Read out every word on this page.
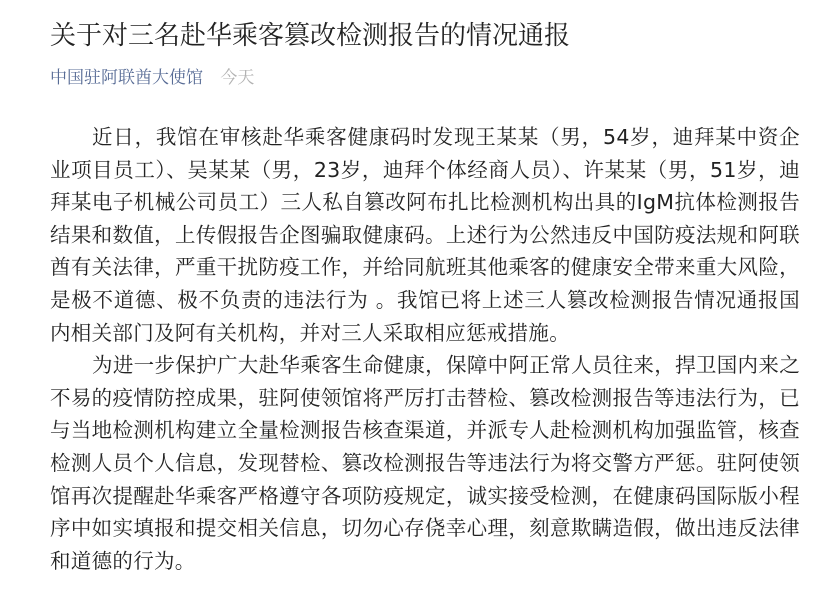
关于对三名赴华乘客篡改检测报告的情况通报
中国驻阿联酋大使馆 今天

近日，我馆在审核赴华乘客健康码时发现王某某（男，54岁，迪拜某中资企业项目员工）、吴某某（男，23岁，迪拜个体经商人员）、许某某（男，51岁，迪拜某电子机械公司员工）三人私自篡改阿布扎比检测机构出具的IgM抗体检测报告结果和数值，上传假报告企图骗取健康码。上述行为公然违反中国防疫法规和阿联酋有关法律，严重干扰防疫工作，并给同航班其他乘客的健康安全带来重大风险，是极不道德、极不负责的违法行为 。我馆已将上述三人篡改检测报告情况通报国内相关部门及阿有关机构，并对三人采取相应惩戒措施。

为进一步保护广大赴华乘客生命健康，保障中阿正常人员往来，捍卫国内来之不易的疫情防控成果，驻阿使领馆将严厉打击替检、篡改检测报告等违法行为，已与当地检测机构建立全量检测报告核查渠道，并派专人赴检测机构加强监管，核查检测人员个人信息，发现替检、篡改检测报告等违法行为将交警方严惩。驻阿使领馆再次提醒赴华乘客严格遵守各项防疫规定，诚实接受检测，在健康码国际版小程序中如实填报和提交相关信息，切勿心存侥幸心理，刻意欺瞒造假，做出违反法律和道德的行为。
